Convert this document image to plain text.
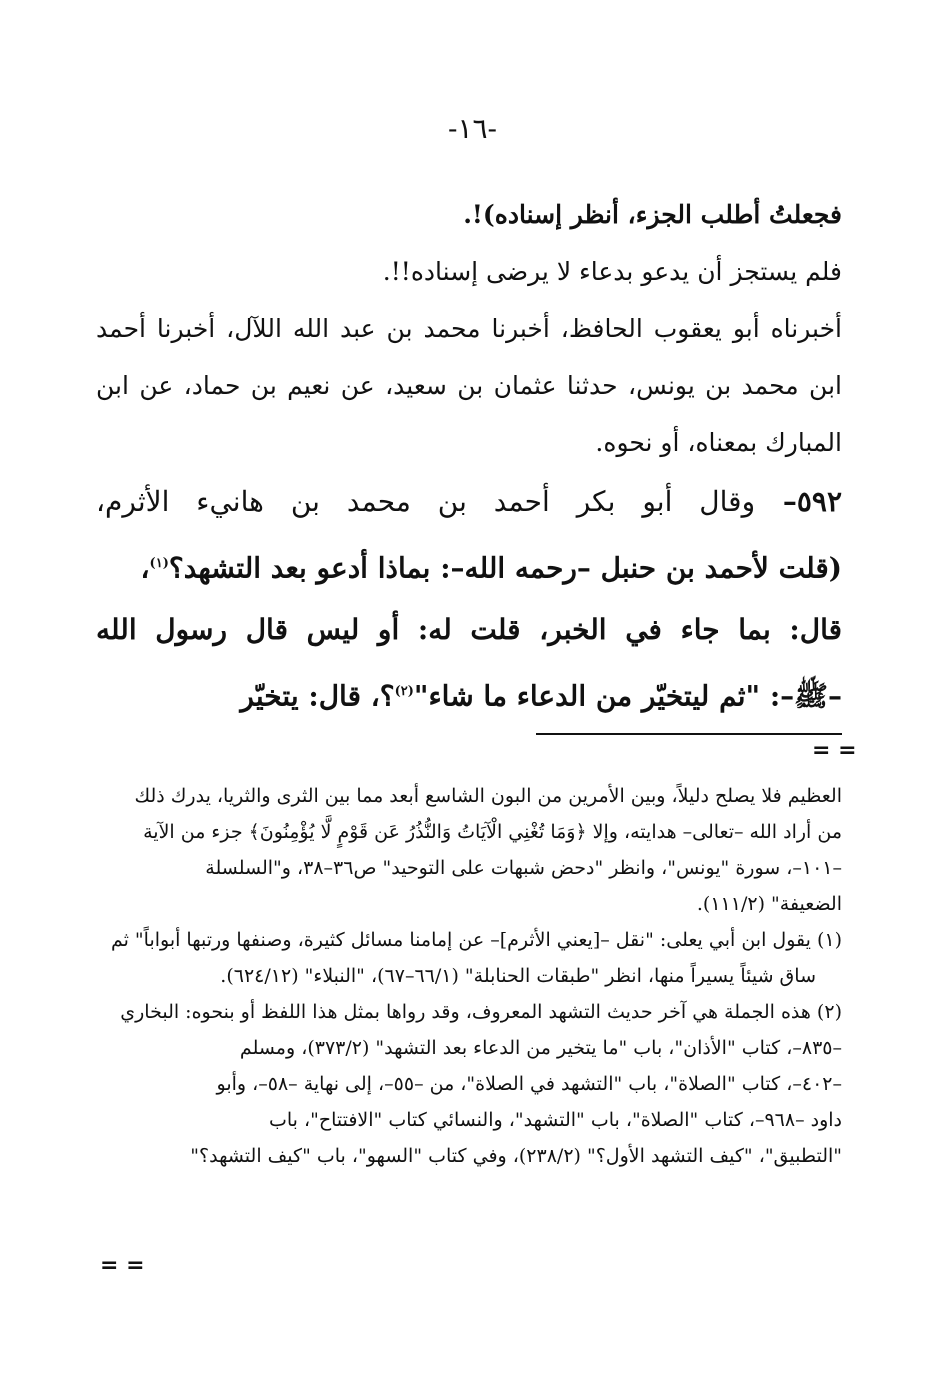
-١٦-
فجعلتُ أطلب الجزء، أنظر إسناده)!.
فلم يستجز أن يدعو بدعاء لا يرضى إسناده!!.
أخبرناه أبو يعقوب الحافظ، أخبرنا محمد بن عبد الله اللآل، أخبرنا أحمد
ابن محمد بن يونس، حدثنا عثمان بن سعيد، عن نعيم بن حماد، عن ابن
المبارك بمعناه، أو نحوه.
٥٩٢– وقال أبو بكر أحمد بن محمد بن هانيء الأثرم،
(قلت لأحمد بن حنبل –رحمه الله–: بماذا أدعو بعد التشهد؟$^{(١)}$،
قال: بما جاء في الخبر، قلت له: أو ليس قال رسول الله
–ﷺ–: "ثم ليتخيّر من الدعاء ما شاء"$^{(٢)}$؟، قال: يتخيّر
= =
العظيم فلا يصلح دليلاً، وبين الأمرين من البون الشاسع أبعد مما بين الثرى والثريا، يدرك ذلك
من أراد الله –تعالى– هدايته، وإلا ﴿وَمَا تُغْنِي الْآيَاتُ وَالنُّذُرُ عَن قَوْمٍ لَّا يُؤْمِنُونَ﴾ جزء من الآية
–١٠١–، سورة "يونس"، وانظر "دحض شبهات على التوحيد" ص٣٦–٣٨، و"السلسلة
الضعيفة" (١١١/٢).
(١) يقول ابن أبي يعلى: "نقل –[يعني الأثرم]– عن إمامنا مسائل كثيرة، وصنفها ورتبها أبواباً" ثم
ساق شيئاً يسيراً منها، انظر "طبقات الحنابلة" (٦٦/١–٦٧)، "النبلاء" (٦٢٤/١٢).
(٢) هذه الجملة هي آخر حديث التشهد المعروف، وقد رواها بمثل هذا اللفظ أو بنحوه: البخاري
–٨٣٥–، كتاب "الأذان"، باب "ما يتخير من الدعاء بعد التشهد" (٣٧٣/٢)، ومسلم
–٤٠٢–، كتاب "الصلاة"، باب "التشهد في الصلاة"، من –٥٥–، إلى نهاية –٥٨–، وأبو
داود –٩٦٨–، كتاب "الصلاة"، باب "التشهد"، والنسائي كتاب "الافتتاح"، باب
"التطبيق"، "كيف التشهد الأول؟" (٢٣٨/٢)، وفي كتاب "السهو"، باب "كيف التشهد؟"
= =
